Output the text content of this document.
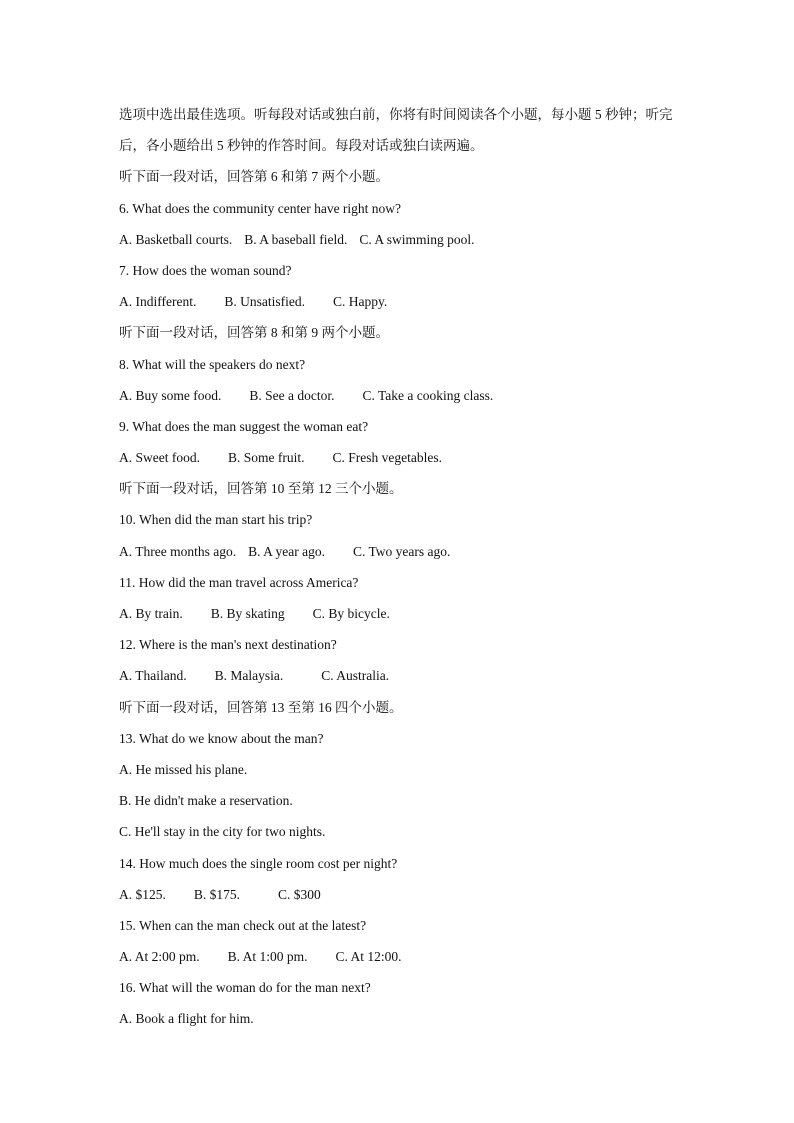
选项中选出最佳选项。听每段对话或独白前，你将有时间阅读各个小题，每小题 5 秒钟；听完后，各小题给出 5 秒钟的作答时间。每段对话或独白读两遍。
听下面一段对话，回答第 6 和第 7 两个小题。
6. What does the community center have right now?
A. Basketball courts. B. A baseball field. C. A swimming pool.
7. How does the woman sound?
A. Indifferent. B. Unsatisfied. C. Happy.
听下面一段对话，回答第 8 和第 9 两个小题。
8. What will the speakers do next?
A. Buy some food. B. See a doctor. C. Take a cooking class.
9. What does the man suggest the woman eat?
A. Sweet food. B. Some fruit. C. Fresh vegetables.
听下面一段对话，回答第 10 至第 12 三个小题。
10. When did the man start his trip?
A. Three months ago. B. A year ago. C. Two years ago.
11. How did the man travel across America?
A. By train. B. By skating C. By bicycle.
12. Where is the man's next destination?
A. Thailand. B. Malaysia.	C. Australia.
听下面一段对话，回答第 13 至第 16 四个小题。
13. What do we know about the man?
A. He missed his plane.
B. He didn't make a reservation.
C. He'll stay in the city for two nights.
14. How much does the single room cost per night?
A. $125. B. $175.	C. $300
15. When can the man check out at the latest?
A. At 2:00 pm. B. At 1:00 pm. C. At 12:00.
16. What will the woman do for the man next?
A. Book a flight for him.
